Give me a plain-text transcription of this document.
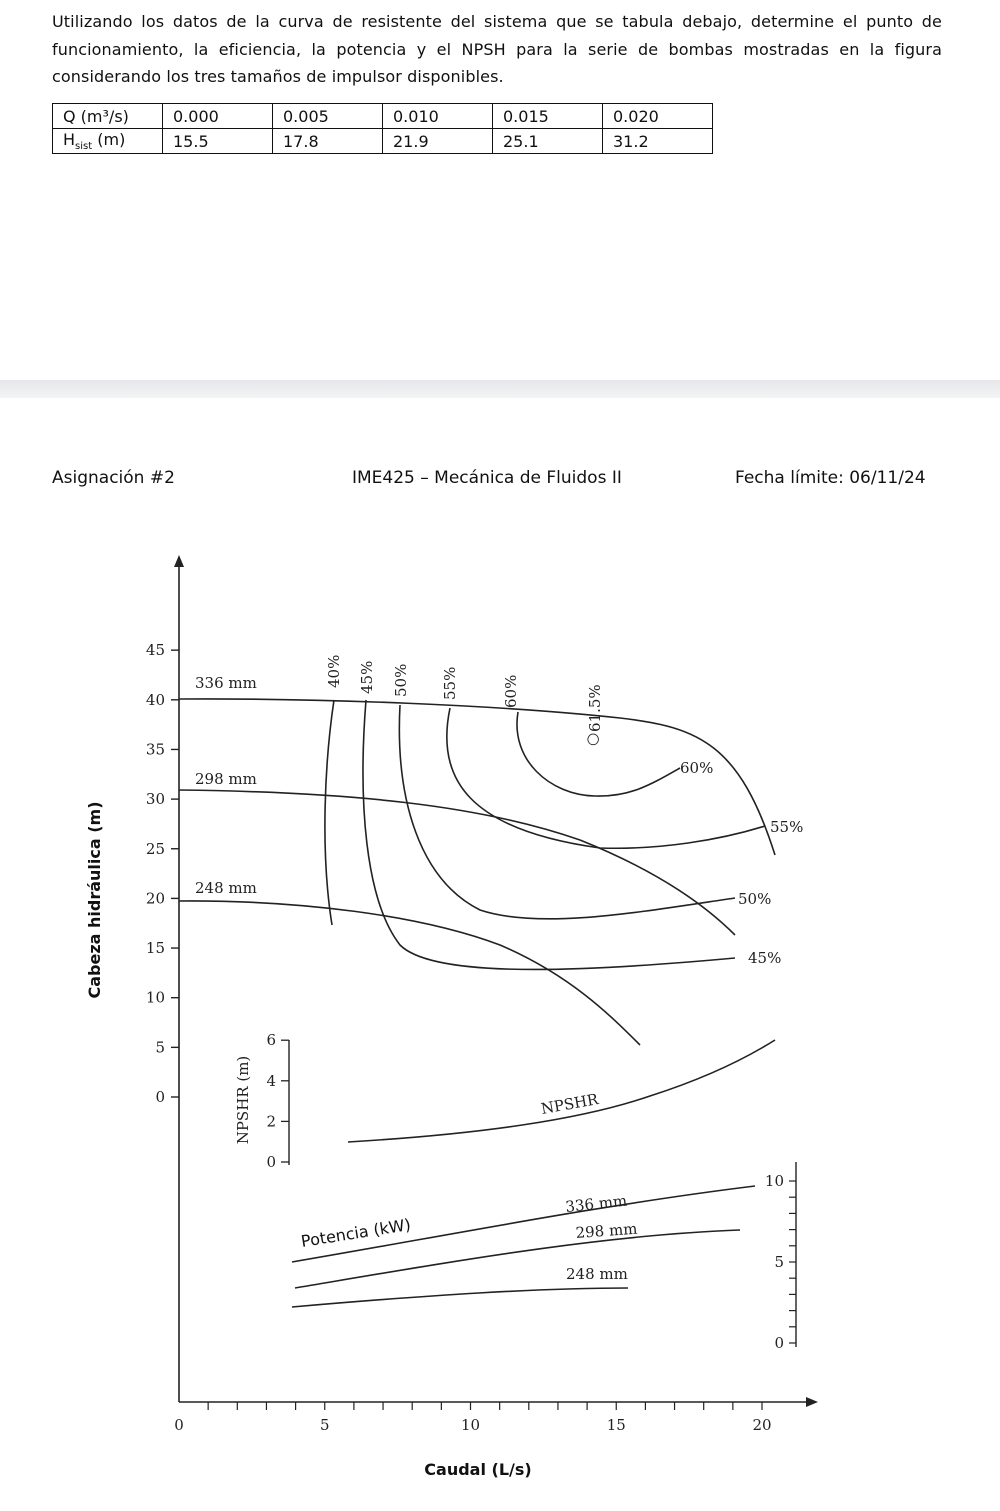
Utilizando los datos de la curva de resistente del sistema que se tabula debajo, determine el punto de funcionamiento, la eficiencia, la potencia y el NPSH para la serie de bombas mostradas en la figura considerando los tres tamaños de impulsor disponibles.
Q (m³/s)	0.000	0.005	0.010	0.015	0.020
$H_{sist}$ (m)	15.5	17.8	21.9	25.1	31.2
Asignación #2	IME425 – Mecánica de Fluidos II	Fecha límite: 06/11/24
45
40
35
30
25
20
15
10
5
0
0	5	10	15	20
Cabeza hidráulica (m)
Caudal (L/s)
336 mm
298 mm
248 mm
○
40% 45% 50% 55%	60%	61.5%
60%
55%
50%
45%
6
4
2
0
NPSHR (m)	NPSHR
10
5
0
Potencia (kW)
336 mm
298 mm
248 mm
